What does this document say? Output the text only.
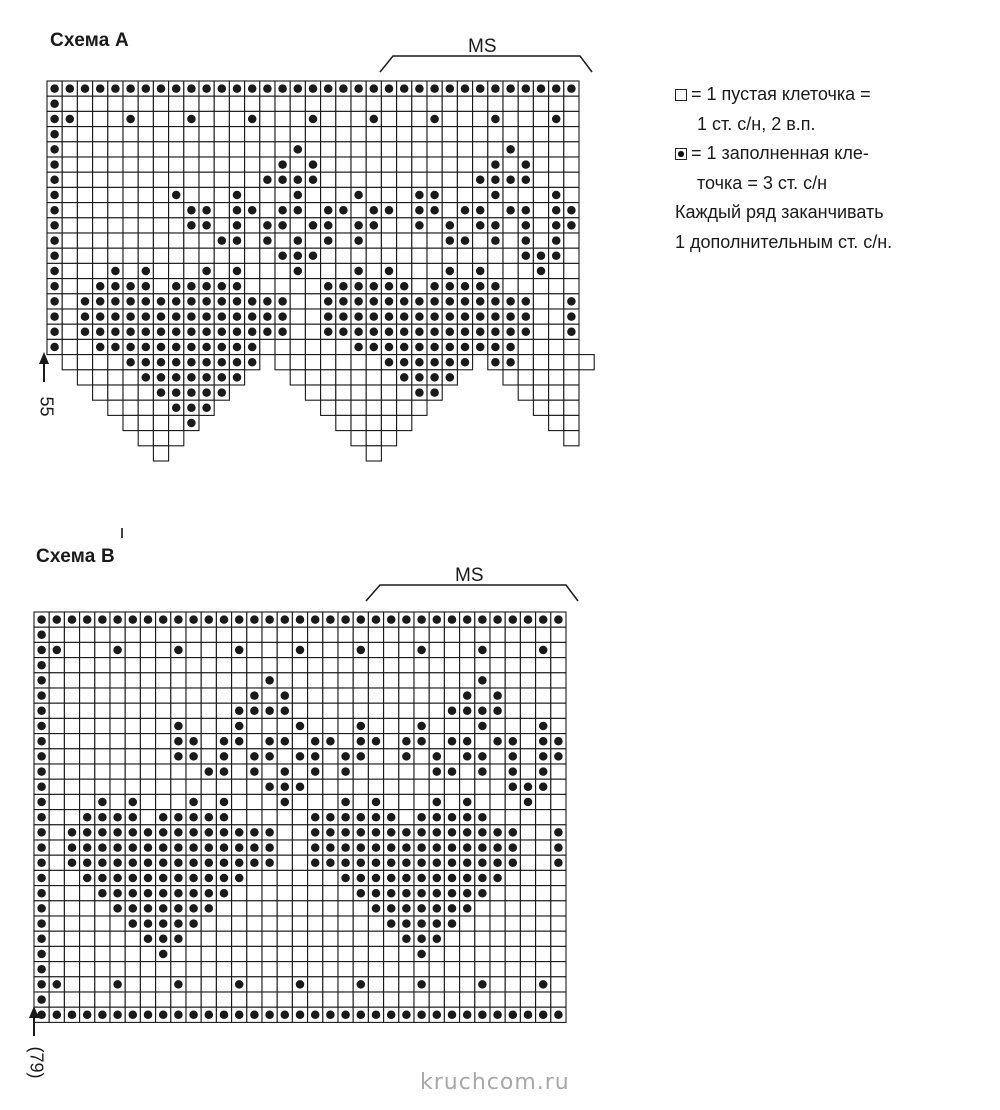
Схема А	MS
55
Схема В
MS
(79)
= 1 пустая клеточка =
1 ст. с/н, 2 в.п.
= 1 заполненная кле-
точка = 3 ст. с/н
Каждый ряд заканчивать
1 дополнительным ст. с/н.
kruchcom.ru
